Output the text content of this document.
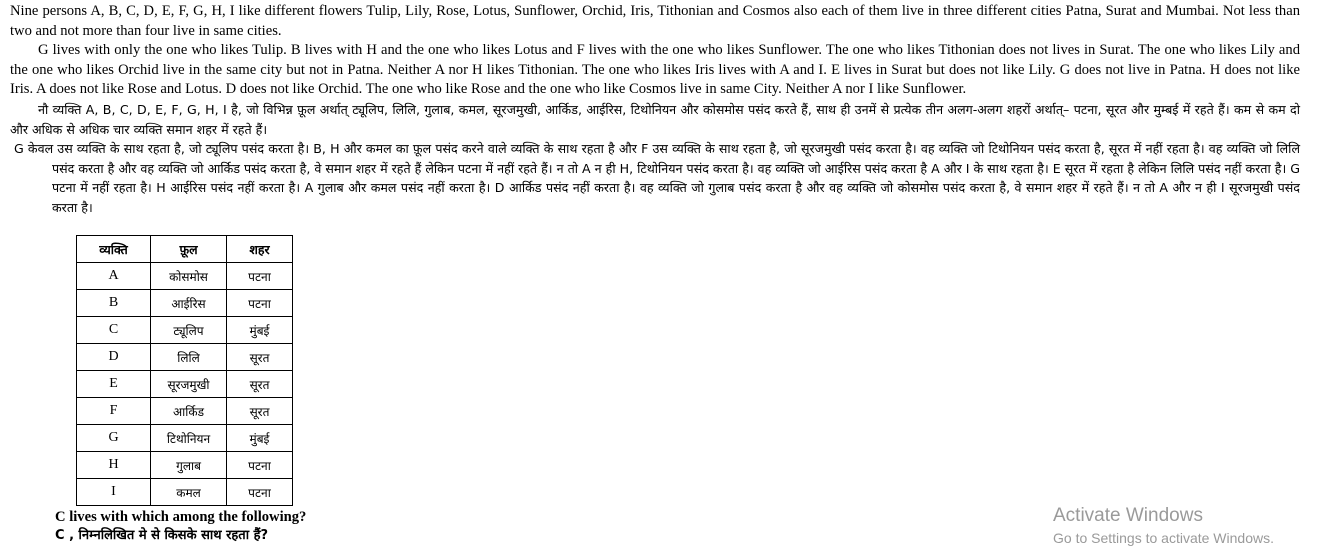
Nine persons A, B, C, D, E, F, G, H, I like different flowers Tulip, Lily, Rose, Lotus, Sunflower, Orchid, Iris, Tithonian and Cosmos also each of them live in three different cities Patna, Surat and Mumbai. Not less than two and not more than four live in same cities.

G lives with only the one who likes Tulip. B lives with H and the one who likes Lotus and F lives with the one who likes Sunflower. The one who likes Tithonian does not lives in Surat. The one who likes Lily and the one who likes Orchid live in the same city but not in Patna. Neither A nor H likes Tithonian. The one who likes Iris lives with A and I. E lives in Surat but does not like Lily. G does not live in Patna. H does not like Iris. A does not like Rose and Lotus. D does not like Orchid. The one who like Rose and the one who like Cosmos live in same City. Neither A nor I like Sunflower.

नौ व्यक्ति A, B, C, D, E, F, G, H, I है, जो विभिन्न फ़ूल अर्थात् ट्यूलिप, लिलि, गुलाब, कमल, सूरजमुखी, आर्किड, आईरिस, टिथोनियन और कोसमोस पसंद करते हैं, साथ ही उनमें से प्रत्येक तीन अलग-अलग शहरों अर्थात्– पटना, सूरत और मुम्बई में रहते हैं। कम से कम दो और अधिक से अधिक चार व्यक्ति समान शहर में रहते हैं।

G केवल उस व्यक्ति के साथ रहता है, जो ट्यूलिप पसंद करता है। B, H और कमल का फ़ूल पसंद करने वाले व्यक्ति के साथ रहता है और F उस व्यक्ति के साथ रहता है, जो सूरजमुखी पसंद करता है। वह व्यक्ति जो टिथोनियन पसंद करता है, सूरत में नहीं रहता है। वह व्यक्ति जो लिलि पसंद करता है और वह व्यक्ति जो आर्किड पसंद करता है, वे समान शहर में रहते हैं लेकिन पटना में नहीं रहते हैं। न तो A न ही H, टिथोनियन पसंद करता है। वह व्यक्ति जो आईरिस पसंद करता है A और I के साथ रहता है। E सूरत में रहता है लेकिन लिलि पसंद नहीं करता है। G पटना में नहीं रहता है। H आईरिस पसंद नहीं करता है। A गुलाब और कमल पसंद नहीं करता है। D आर्किड पसंद नहीं करता है। वह व्यक्ति जो गुलाब पसंद करता है और वह व्यक्ति जो कोसमोस पसंद करता है, वे समान शहर में रहते हैं। न तो A और न ही I सूरजमुखी पसंद करता है।

व्यक्ति	फ़ूल	शहर
A	कोसमोस	पटना
B	आईरिस	पटना
C	ट्यूलिप	मुंबई
D	लिलि	सूरत
E	सूरजमुखी	सूरत
F	आर्किड	सूरत
G	टिथोनियन	मुंबई
H	गुलाब	पटना
I	कमल	पटना
C lives with which among the following?
C , निम्नलिखित मे से किसके साथ रहता हैं?
Activate Windows
Go to Settings to activate Windows.
